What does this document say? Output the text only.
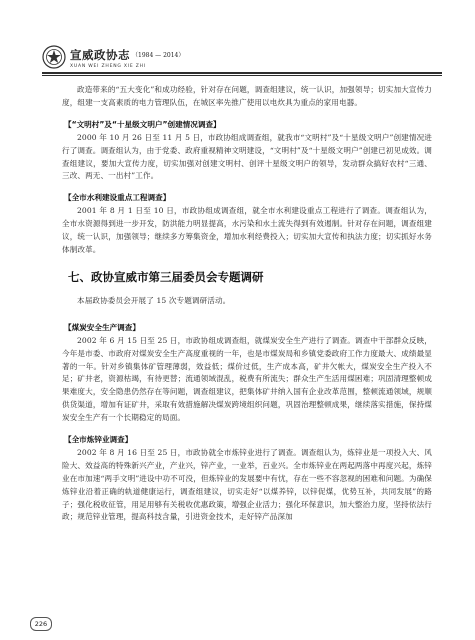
宣威政协志 （1984 — 2014）
XUAN WEI ZHENG XIE ZHI

政造带来的“五大变化”和成功经验，针对存在问题，调查组建议，统一认识，加强领导；切实加大宣传力度，组建一支高素质的电力管理队伍，在城区率先推广使用以电炊具为重点的家用电器。

【“文明村”及“十星级文明户”创建情况调查】

2000 年 10 月 26 日至 11 月 5 日，市政协组成调查组，就我市“文明村”及“十星级文明户”创建情况进行了调查。调查组认为，由于党委、政府重视精神文明建设，“文明村”及“十星级文明户”创建已初见成效。调查组建议，要加大宣传力度，切实加强对创建文明村、创评十星级文明户的领导，发动群众搞好农村“三通、三改、两无、一出村”工作。

【全市水利建设重点工程调查】

2001 年 8 月 1 日至 10 日，市政协组成调查组，就全市水利建设重点工程进行了调查。调查组认为，全市水资源得到进一步开发，防洪能力明显提高，水污染和水土流失得到有效遏制。针对存在问题，调查组建议，统一认识，加强领导；继续多方筹集资金，增加水利经费投入；切实加大宣传和执法力度；切实抓好水务体制改革。

七、政协宣威市第三届委员会专题调研

本届政协委员会开展了 15 次专题调研活动。

【煤炭安全生产调查】

2002 年 6 月 15 日至 25 日，市政协组成调查组，就煤炭安全生产进行了调查。调查中干部群众反映，今年是市委、市政府对煤炭安全生产高度重视的一年，也是市煤炭局和乡镇党委政府工作力度最大、成绩最显著的一年。针对乡镇集体矿管理薄弱，效益低；煤价过低，生产成本高，矿井欠帐大，煤炭安全生产投入不足；矿井老，资源枯竭，有待更替；流通领域混乱，税费有所流失；群众生产生活用煤困难；巩固清理整顿成果难度大，安全隐患仍然存在等问题，调查组建议，把集体矿井纳入国有企业改革范围，整顿流通领域，规顺供货渠道，增加有证矿井，采取有效措施解决煤炭跨境组织问题，巩固治理整顿成果，继续落实措施，保持煤炭安全生产有一个长期稳定的局面。

【全市炼锌业调查】

2002 年 8 月 16 日至 25 日，市政协就全市炼锌业进行了调查。调查组认为，炼锌业是一项投入大、风险大、效益高的特殊新兴产业，产业兴，锌产业，一业举，百业兴。全市炼锌业在两起两落中再度兴起，炼锌业在市加速“两手文明”进设中功不可没，但炼锌业的发展要中有忧，存在一些不容忽视的困难和问题。为确保炼锌业沿着正确的轨道健康运行，调查组建议，切实走好“以煤养锌，以锌促煤，优势互补，共同发展”的路子；强化税收征管，用足用够有关税收优惠政策，增强企业活力；强化环保意识，加大整治力度，坚持依法行政；规范锌业管理，提高科技含量，引进资金技术，走好锌产品深加

226
